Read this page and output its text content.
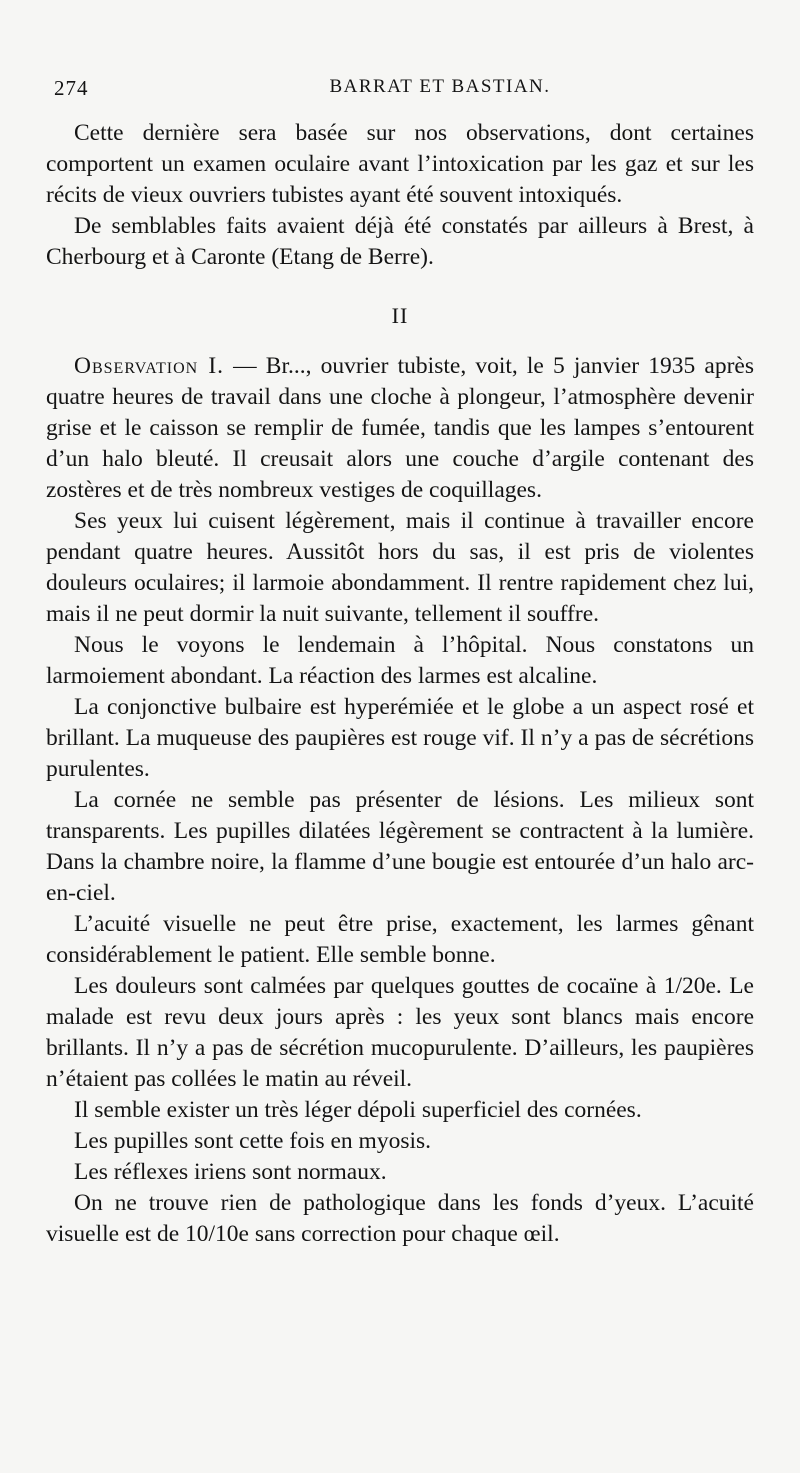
274	BARRAT ET BASTIAN.

Cette dernière sera basée sur nos observations, dont certaines comportent un examen oculaire avant l’intoxication par les gaz et sur les récits de vieux ouvriers tubistes ayant été souvent intoxiqués.

De semblables faits avaient déjà été constatés par ailleurs à Brest, à Cherbourg et à Caronte (Etang de Berre).

II

Observation I. — Br..., ouvrier tubiste, voit, le 5 janvier 1935 après quatre heures de travail dans une cloche à plongeur, l’atmosphère devenir grise et le caisson se remplir de fumée, tandis que les lampes s’entourent d’un halo bleuté. Il creusait alors une couche d’argile contenant des zostères et de très nombreux vestiges de coquillages.

Ses yeux lui cuisent légèrement, mais il continue à travailler encore pendant quatre heures. Aussitôt hors du sas, il est pris de violentes douleurs oculaires; il larmoie abondamment. Il rentre rapidement chez lui, mais il ne peut dormir la nuit suivante, tellement il souffre.

Nous le voyons le lendemain à l’hôpital. Nous constatons un larmoiement abondant. La réaction des larmes est alcaline.

La conjonctive bulbaire est hyperémiée et le globe a un aspect rosé et brillant. La muqueuse des paupières est rouge vif. Il n’y a pas de sécrétions purulentes.

La cornée ne semble pas présenter de lésions. Les milieux sont transparents. Les pupilles dilatées légèrement se contractent à la lumière. Dans la chambre noire, la flamme d’une bougie est entourée d’un halo arc-en-ciel.

L’acuité visuelle ne peut être prise, exactement, les larmes gênant considérablement le patient. Elle semble bonne.

Les douleurs sont calmées par quelques gouttes de cocaïne à 1/20e. Le malade est revu deux jours après : les yeux sont blancs mais encore brillants. Il n’y a pas de sécrétion mucopurulente. D’ailleurs, les paupières n’étaient pas collées le matin au réveil.

Il semble exister un très léger dépoli superficiel des cornées.

Les pupilles sont cette fois en myosis.

Les réflexes iriens sont normaux.

On ne trouve rien de pathologique dans les fonds d’yeux. L’acuité visuelle est de 10/10e sans correction pour chaque œil.
